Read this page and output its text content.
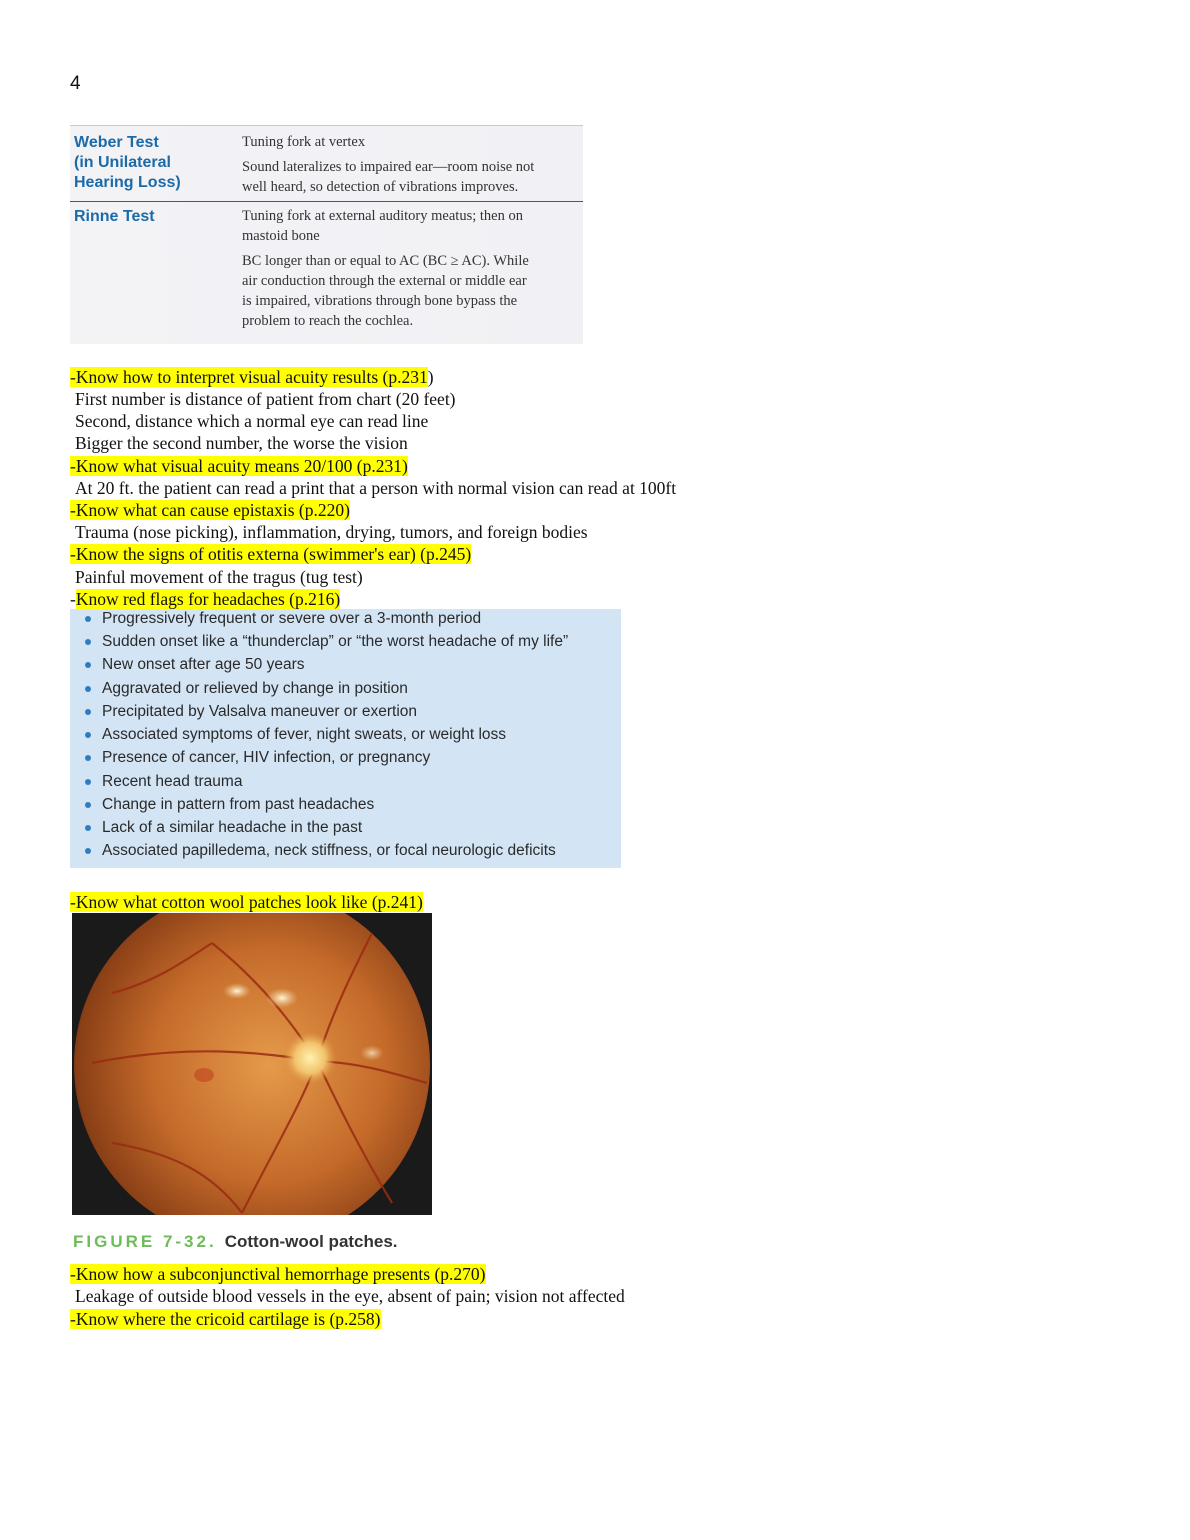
4
Weber Test
(in Unilateral
Hearing Loss)
Tuning fork at vertex
Sound lateralizes to impaired ear—room noise not
well heard, so detection of vibrations improves.
Rinne Test	Tuning fork at external auditory meatus; then on
mastoid bone
BC longer than or equal to AC (BC ≥ AC). While
air conduction through the external or middle ear
is impaired, vibrations through bone bypass the
problem to reach the cochlea.
-Know how to interpret visual acuity results (p.231)
First number is distance of patient from chart (20 feet)
Second, distance which a normal eye can read line
Bigger the second number, the worse the vision
-Know what visual acuity means 20/100 (p.231)
At 20 ft. the patient can read a print that a person with normal vision can read at 100ft
-Know what can cause epistaxis (p.220)
Trauma (nose picking), inflammation, drying, tumors, and foreign bodies
-Know the signs of otitis externa (swimmer's ear) (p.245)
Painful movement of the tragus (tug test)
-Know red flags for headaches (p.216)
Progressively frequent or severe over a 3-month period
Sudden onset like a “thunderclap” or “the worst headache of my life”
New onset after age 50 years
Aggravated or relieved by change in position
Precipitated by Valsalva maneuver or exertion
Associated symptoms of fever, night sweats, or weight loss
Presence of cancer, HIV infection, or pregnancy
Recent head trauma
Change in pattern from past headaches
Lack of a similar headache in the past
Associated papilledema, neck stiffness, or focal neurologic deficits
-Know what cotton wool patches look like (p.241)
FIGURE 7-32. Cotton-wool patches.
-Know how a subconjunctival hemorrhage presents (p.270)
Leakage of outside blood vessels in the eye, absent of pain; vision not affected
-Know where the cricoid cartilage is (p.258)
